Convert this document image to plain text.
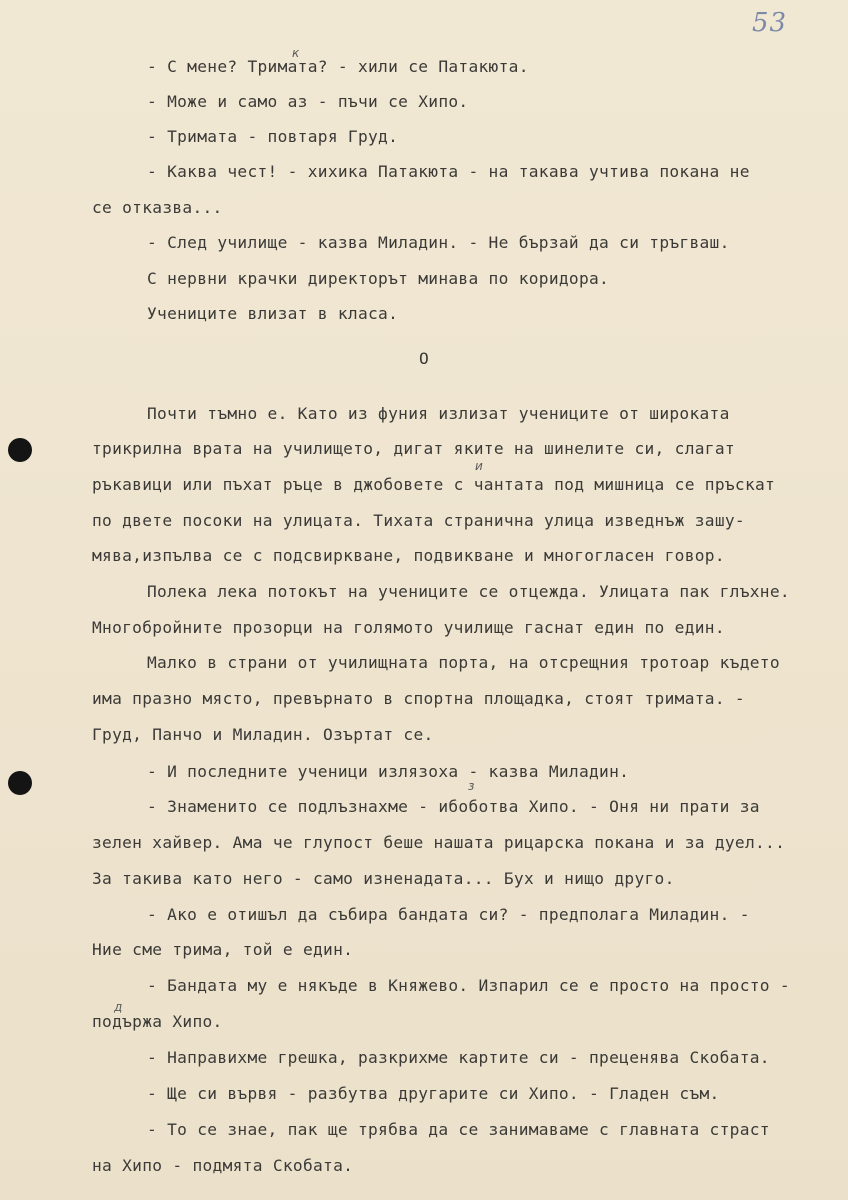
53
к
и
з
д
- С мене? Тримата? - хили се Патакюта.
- Може и само аз - пъчи се Хипо.
- Тримата - повтаря Груд.
- Каква чест! - хихика Патакюта - на такава учтива покана не
се отказва...
- След училище - казва Миладин. - Не бързай да си тръгваш.
С нервни крачки директорът минава по коридора.
Учениците влизат в класа.
О
Почти тъмно е. Като из фуния излизат учениците от широката
трикрилна врата на училището, дигат яките на шинелите си, слагат
ръкавици или пъхат ръце в джобовете с чантата под мишница се пръскат
по двете посоки на улицата. Тихата странична улица изведнъж зашу-
мява,изпълва се с подсвиркване, подвикване и многогласен говор.
Полека лека потокът на учениците се отцежда. Улицата пак глъхне.
Многобройните прозорци на голямото училище гаснат един по един.
Малко в страни от училищната порта, на отсрещния тротоар където
има празно място, превърнато в спортна площадка, стоят тримата. -
Груд, Панчо и Миладин. Озъртат се.
- И последните ученици излязоха - казва Миладин.
- Знаменито се подлъзнахме - ибоботва Хипо. - Оня ни прати за
зелен хайвер. Ама че глупост беше нашата рицарска покана и за дуел...
За такива като него - само изненадата... Бух и нищо друго.
- Ако е отишъл да събира бандата си? - предполага Миладин. -
Ние сме трима, той е един.
- Бандата му е някъде в Княжево. Изпарил се е просто на просто -
подържа Хипо.
- Направихме грешка, разкрихме картите си - преценява Скобата.
- Ще си вървя - разбутва другарите си Хипо. - Гладен съм.
- То се знае, пак ще трябва да се занимаваме с главната страст
на Хипо - подмята Скобата.
